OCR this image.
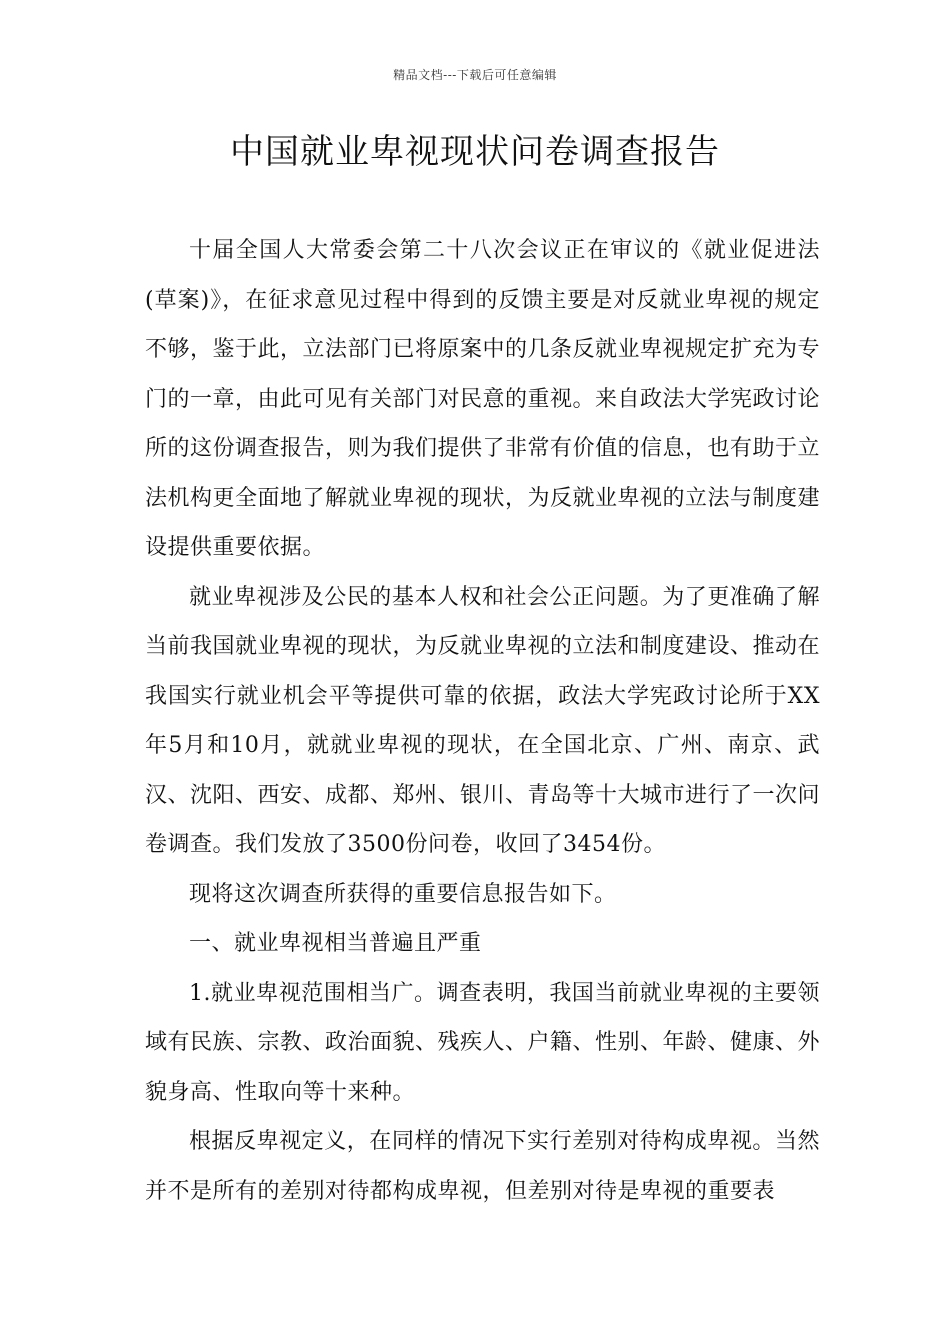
精品文档---下载后可任意编辑
中国就业卑视现状问卷调查报告

十届全国人大常委会第二十八次会议正在审议的《就业促进法(草案)》，在征求意见过程中得到的反馈主要是对反就业卑视的规定不够，鉴于此，立法部门已将原案中的几条反就业卑视规定扩充为专门的一章，由此可见有关部门对民意的重视。来自政法大学宪政讨论所的这份调查报告，则为我们提供了非常有价值的信息，也有助于立法机构更全面地了解就业卑视的现状，为反就业卑视的立法与制度建设提供重要依据。

就业卑视涉及公民的基本人权和社会公正问题。为了更准确了解当前我国就业卑视的现状，为反就业卑视的立法和制度建设、推动在我国实行就业机会平等提供可靠的依据，政法大学宪政讨论所于XX年5月和10月，就就业卑视的现状，在全国北京、广州、南京、武汉、沈阳、西安、成都、郑州、银川、青岛等十大城市进行了一次问卷调查。我们发放了3500份问卷，收回了3454份。

现将这次调查所获得的重要信息报告如下。

一、就业卑视相当普遍且严重

1.就业卑视范围相当广。调查表明，我国当前就业卑视的主要领域有民族、宗教、政治面貌、残疾人、户籍、性别、年龄、健康、外貌身高、性取向等十来种。

根据反卑视定义，在同样的情况下实行差别对待构成卑视。当然并不是所有的差别对待都构成卑视，但差别对待是卑视的重要表
